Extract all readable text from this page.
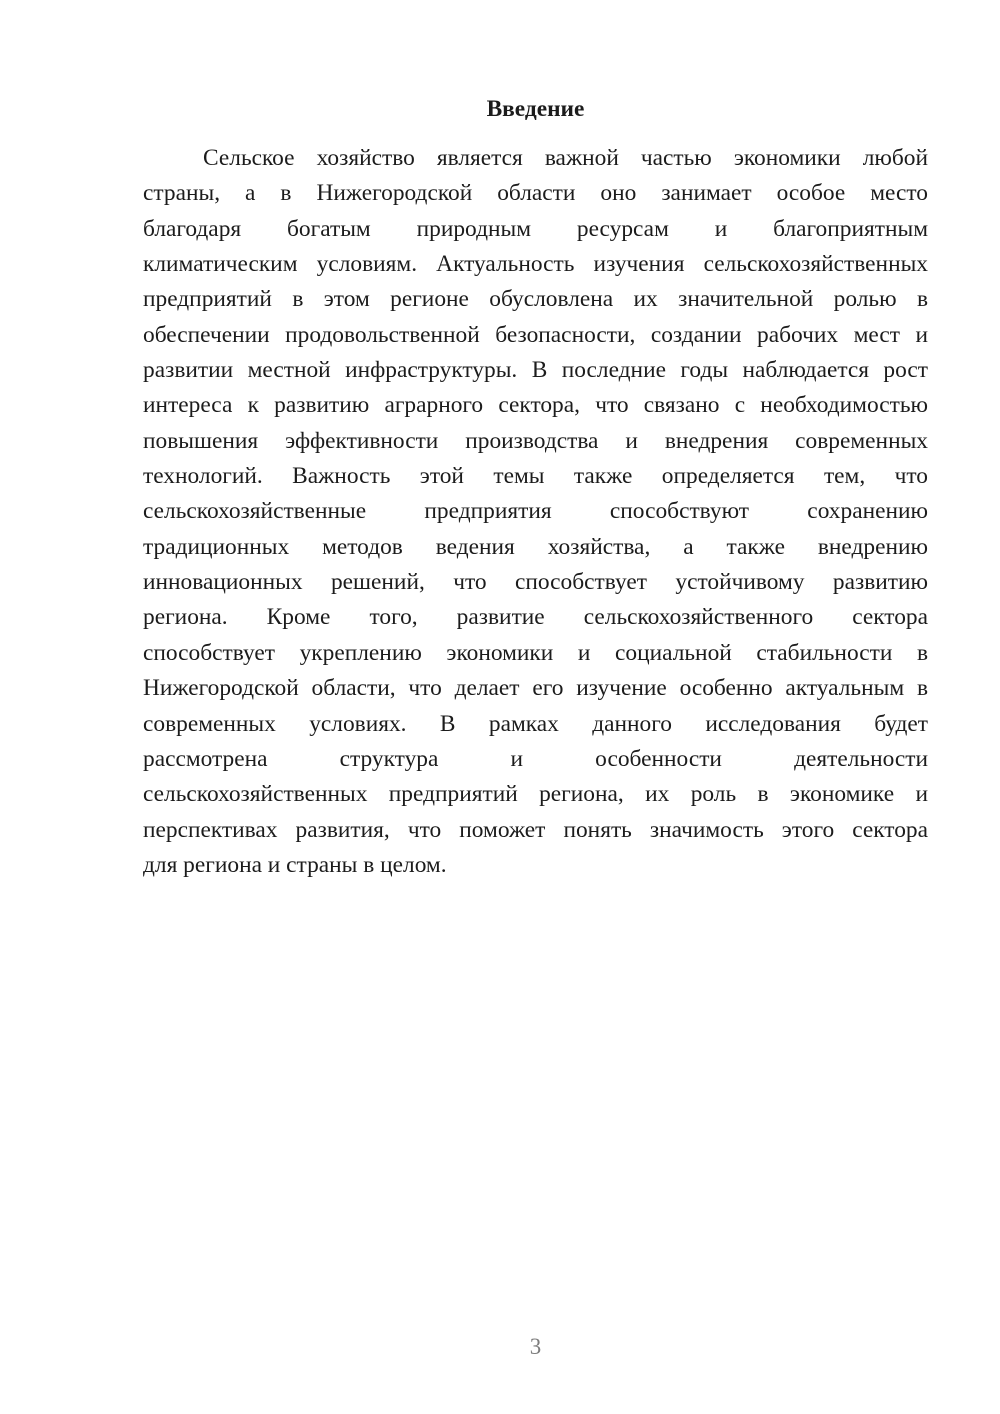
Введение
Сельское хозяйство является важной частью экономики любой
страны, а в Нижегородской области оно занимает особое место
благодаря богатым природным ресурсам и благоприятным
климатическим условиям. Актуальность изучения сельскохозяйственных
предприятий в этом регионе обусловлена их значительной ролью в
обеспечении продовольственной безопасности, создании рабочих мест и
развитии местной инфраструктуры. В последние годы наблюдается рост
интереса к развитию аграрного сектора, что связано с необходимостью
повышения эффективности производства и внедрения современных
технологий. Важность этой темы также определяется тем, что
сельскохозяйственные предприятия способствуют сохранению
традиционных методов ведения хозяйства, а также внедрению
инновационных решений, что способствует устойчивому развитию
региона. Кроме того, развитие сельскохозяйственного сектора
способствует укреплению экономики и социальной стабильности в
Нижегородской области, что делает его изучение особенно актуальным в
современных условиях. В рамках данного исследования будет
рассмотрена структура и особенности деятельности
сельскохозяйственных предприятий региона, их роль в экономике и
перспективах развития, что поможет понять значимость этого сектора
для региона и страны в целом.
3
